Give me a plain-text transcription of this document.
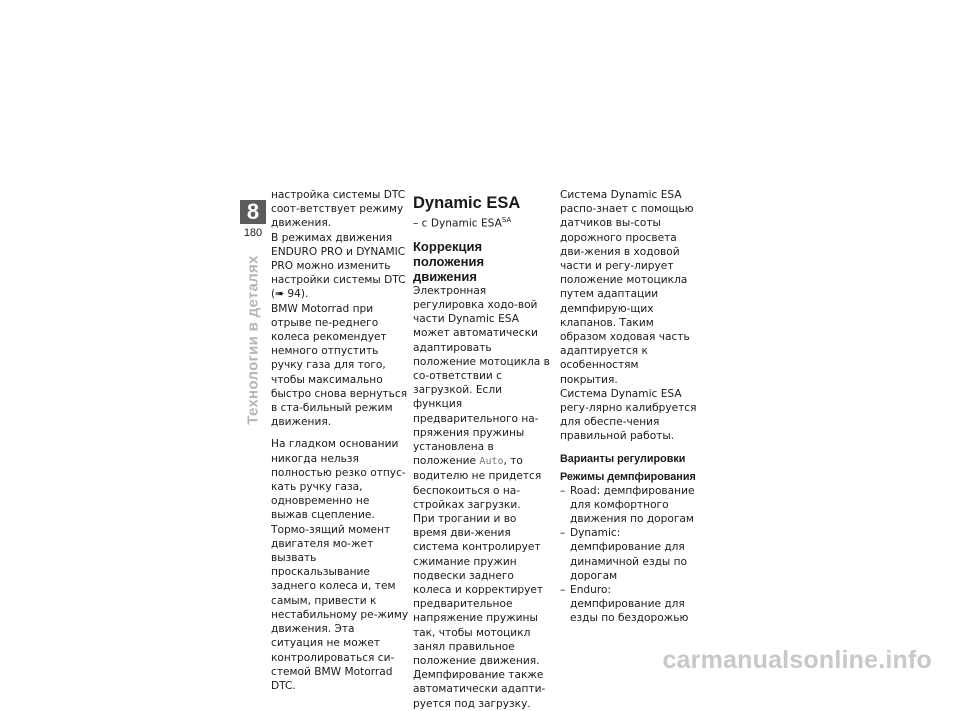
8
180
Технологии в деталях

настройка системы DTC соот-ветствует режиму движения.

В режимах движения ENDURO PRO и DYNAMIC PRO можно изменить настройки системы DTC (➠ 94).

BMW Motorrad при отрыве пе-реднего колеса рекомендует немного отпустить ручку газа для того, чтобы максимально быстро снова вернуться в ста-бильный режим движения.

На гладком основании никогда нельзя полностью резко отпус-кать ручку газа, одновременно не выжав сцепление. Тормо-зящий момент двигателя мо-жет вызвать проскальзывание заднего колеса и, тем самым, привести к нестабильному ре-жиму движения. Эта ситуация не может контролироваться си-стемой BMW Motorrad DTC.

Dynamic ESA

– с Dynamic $ESA^{SA}$

Коррекция положения движения

Электронная регулировка ходо-вой части Dynamic ESA может автоматически адаптировать положение мотоцикла в со-ответствии с загрузкой. Если функция предварительного на-пряжения пружины установлена в положение Auto, то водителю не придется беспокоиться о на-стройках загрузки.

При трогании и во время дви-жения система контролирует сжимание пружин подвески заднего колеса и корректирует предварительное напряжение пружины так, чтобы мотоцикл занял правильное положение движения. Демпфирование также автоматически адапти-руется под загрузку.

Система Dynamic ESA распо-знает с помощью датчиков вы-соты дорожного просвета дви-жения в ходовой части и регу-лирует положение мотоцикла путем адаптации демпфирую-щих клапанов. Таким образом ходовая часть адаптируется к особенностям покрытия.

Система Dynamic ESA регу-лярно калибруется для обеспе-чения правильной работы.

Варианты регулировки

Режимы демпфирования

– Road: демпфирование для комфортного движения по дорогам
– Dynamic: демпфирование для динамичной езды по дорогам
– Enduro: демпфирование для езды по бездорожью
carmanualsonline.info
